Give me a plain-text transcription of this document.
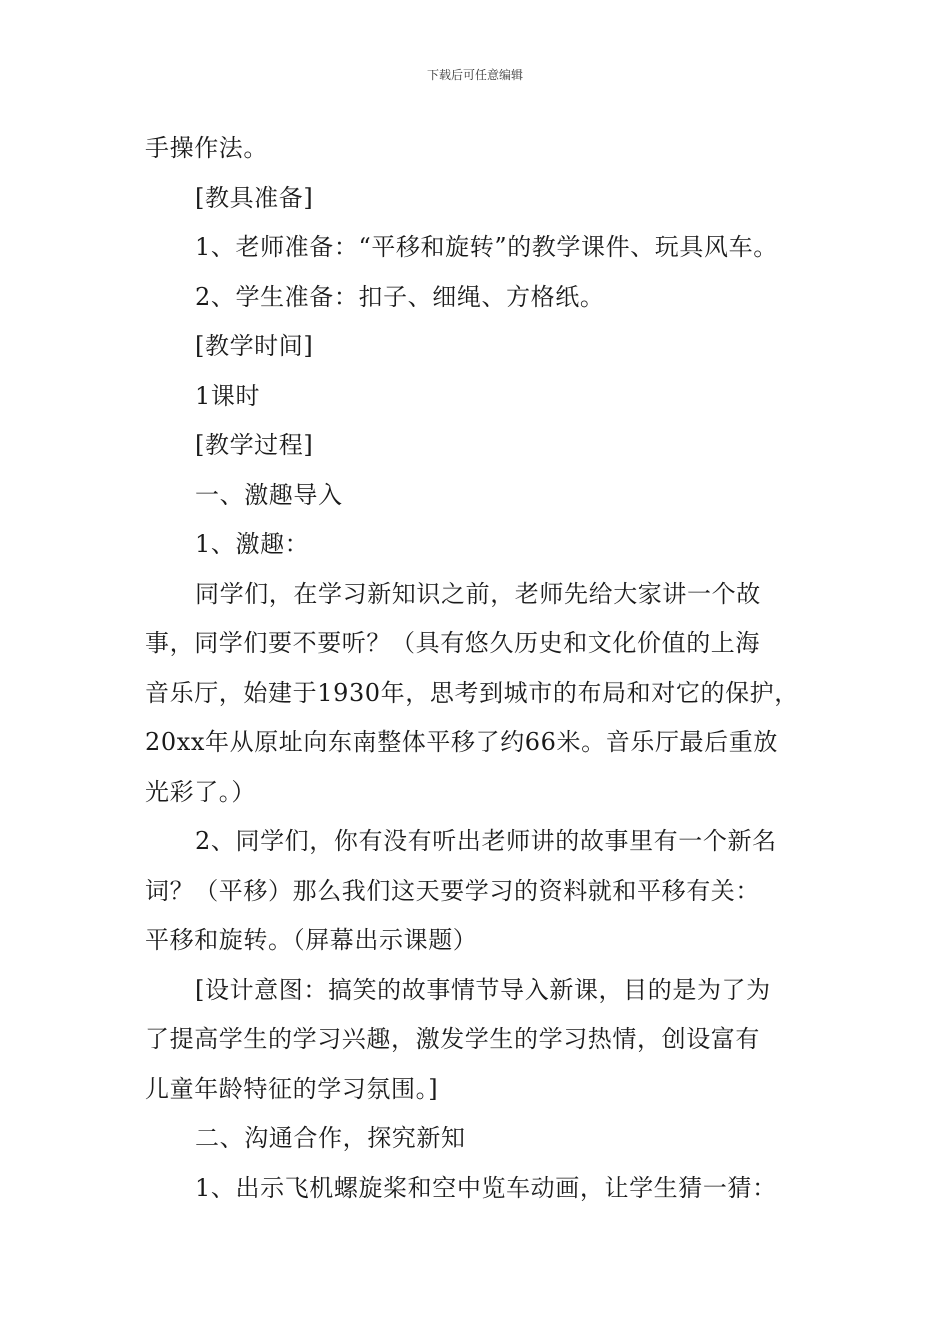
下载后可任意编辑
手操作法。
[教具准备]
1、老师准备：“平移和旋转”的教学课件、玩具风车。
2、学生准备：扣子、细绳、方格纸。
[教学时间]
1课时
[教学过程]
一、激趣导入
1、激趣：
同学们，在学习新知识之前，老师先给大家讲一个故
事，同学们要不要听？（具有悠久历史和文化价值的上海
音乐厅，始建于1930年，思考到城市的布局和对它的保护，
20xx年从原址向东南整体平移了约66米。音乐厅最后重放
光彩了。）
2、同学们，你有没有听出老师讲的故事里有一个新名
词？（平移）那么我们这天要学习的资料就和平移有关：
平移和旋转。（屏幕出示课题）
[设计意图：搞笑的故事情节导入新课，目的是为了为
了提高学生的学习兴趣，激发学生的学习热情，创设富有
儿童年龄特征的学习氛围。]
二、沟通合作，探究新知
1、出示飞机螺旋桨和空中览车动画，让学生猜一猜：
